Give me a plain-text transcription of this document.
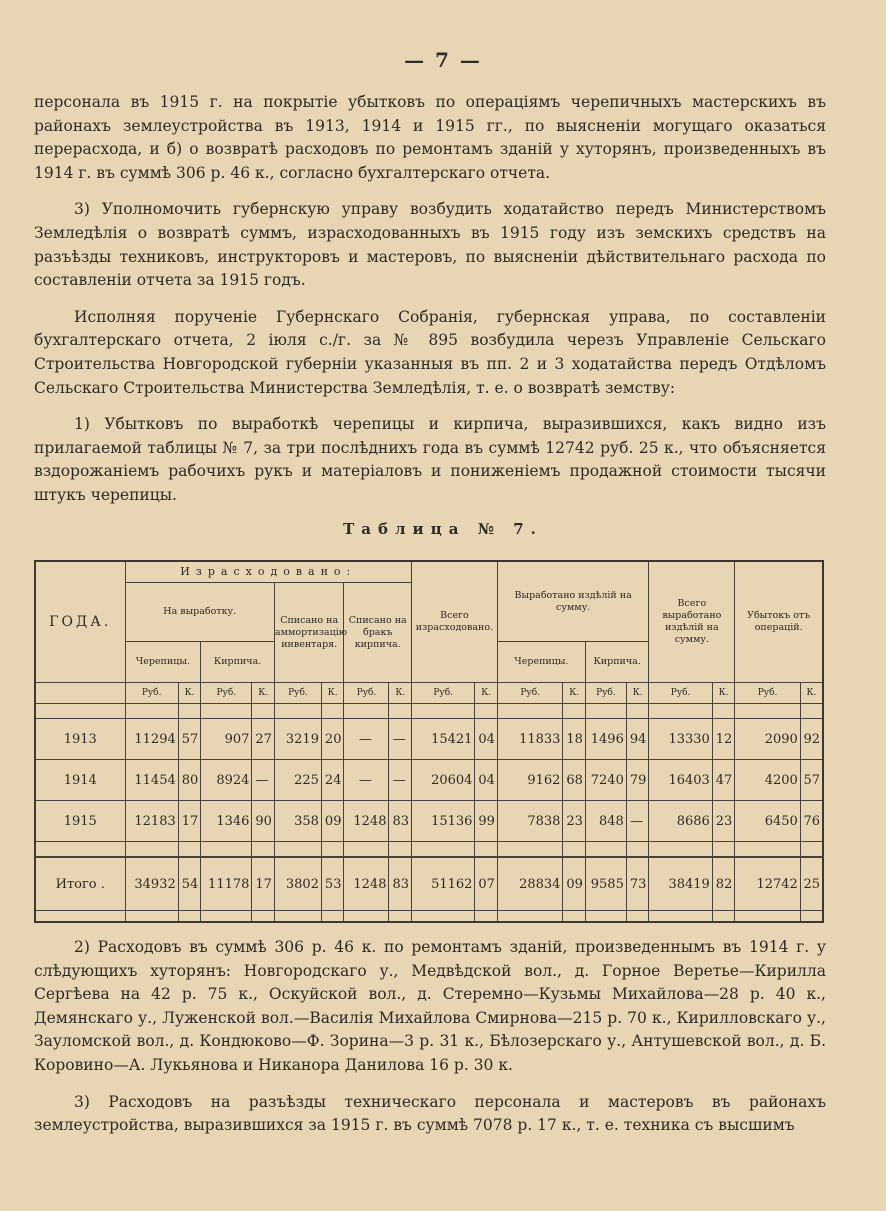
— 7 —

персонала въ 1915 г. на покрытіе убытковъ по операціямъ черепичныхъ мастерскихъ въ районахъ землеустройства въ 1913, 1914 и 1915 гг., по выясненіи могущаго оказаться перерасхода, и б) о возвратѣ расходовъ по ремонтамъ зданій у хуторянъ, произведенныхъ въ 1914 г. въ суммѣ 306 р. 46 к., согласно бухгалтерскаго отчета.

3) Уполномочить губернскую управу возбудить ходатайство передъ Министерствомъ Земледѣлія о возвратѣ суммъ, израсходованныхъ въ 1915 году изъ земскихъ средствъ на разъѣзды техниковъ, инструкторовъ и мастеровъ, по выясненіи дѣйствительнаго расхода по составленіи отчета за 1915 годъ.

Исполняя порученіе Губернскаго Собранія, губернская управа, по составленіи бухгалтерскаго отчета, 2 іюля с./г. за № 895 возбудила черезъ Управленіе Сельскаго Строительства Новгородской губерніи указанныя въ пп. 2 и 3 ходатайства передъ Отдѣломъ Сельскаго Строительства Министерства Земледѣлія, т. е. о возвратѣ земству:

1) Убытковъ по выработкѣ черепицы и кирпича, выразившихся, какъ видно изъ прилагаемой таблицы № 7, за три послѣднихъ года въ суммѣ 12742 руб. 25 к., что объясняется вздорожаніемъ рабочихъ рукъ и матеріаловъ и пониженіемъ продажной стоимости тысячи штукъ черепицы.

Таблица № 7.
ГОДА.	Израсходовано:								Всего израсходовано.		Выработано издѣлій на сумму.				Всего выработано издѣлій на сумму.		Убытокъ отъ операцій.	
	На выработку.				Списано на аммортизацію инвентаря.		Списано на бракъ кирпича.											
	Черепицы.		Кирпича.								Черепицы.		Кирпича.					
	Руб.	К.	Руб.	К.	Руб.	К.	Руб.	К.	Руб.	К.	Руб.	К.	Руб.	К.	Руб.	К.	Руб.	К.

1913	11294	57	907	27	3219	20	—	—	15421	04	11833	18	1496	94	13330	12	2090	92
1914	11454	80	8924	—	225	24	—	—	20604	04	9162	68	7240	79	16403	47	4200	57
1915	12183	17	1346	90	358	09	1248	83	15136	99	7838	23	848	—	8686	23	6450	76

Итого .	34932	54	11178	17	3802	53	1248	83	51162	07	28834	09	9585	73	38419	82	12742	25

2) Расходовъ въ суммѣ 306 р. 46 к. по ремонтамъ зданій, произведеннымъ въ 1914 г. у слѣдующихъ хуторянъ: Новгородскаго у., Медвѣдской вол., д. Горное Веретье—Кирилла Сергѣева на 42 р. 75 к., Оскуйской вол., д. Стеремно—Кузьмы Михайлова—28 р. 40 к., Демянскаго у., Луженской вол.—Василія Михайлова Смирнова—215 р. 70 к., Кирилловскаго у., Зауломской вол., д. Кондюково—Ф. Зорина—3 р. 31 к., Бѣлозерскаго у., Антушевской вол., д. Б. Коровино—А. Лукьянова и Никанора Данилова 16 р. 30 к.

3) Расходовъ на разъѣзды техническаго персонала и мастеровъ въ районахъ землеустройства, выразившихся за 1915 г. въ суммѣ 7078 р. 17 к., т. е. техника съ высшимъ
